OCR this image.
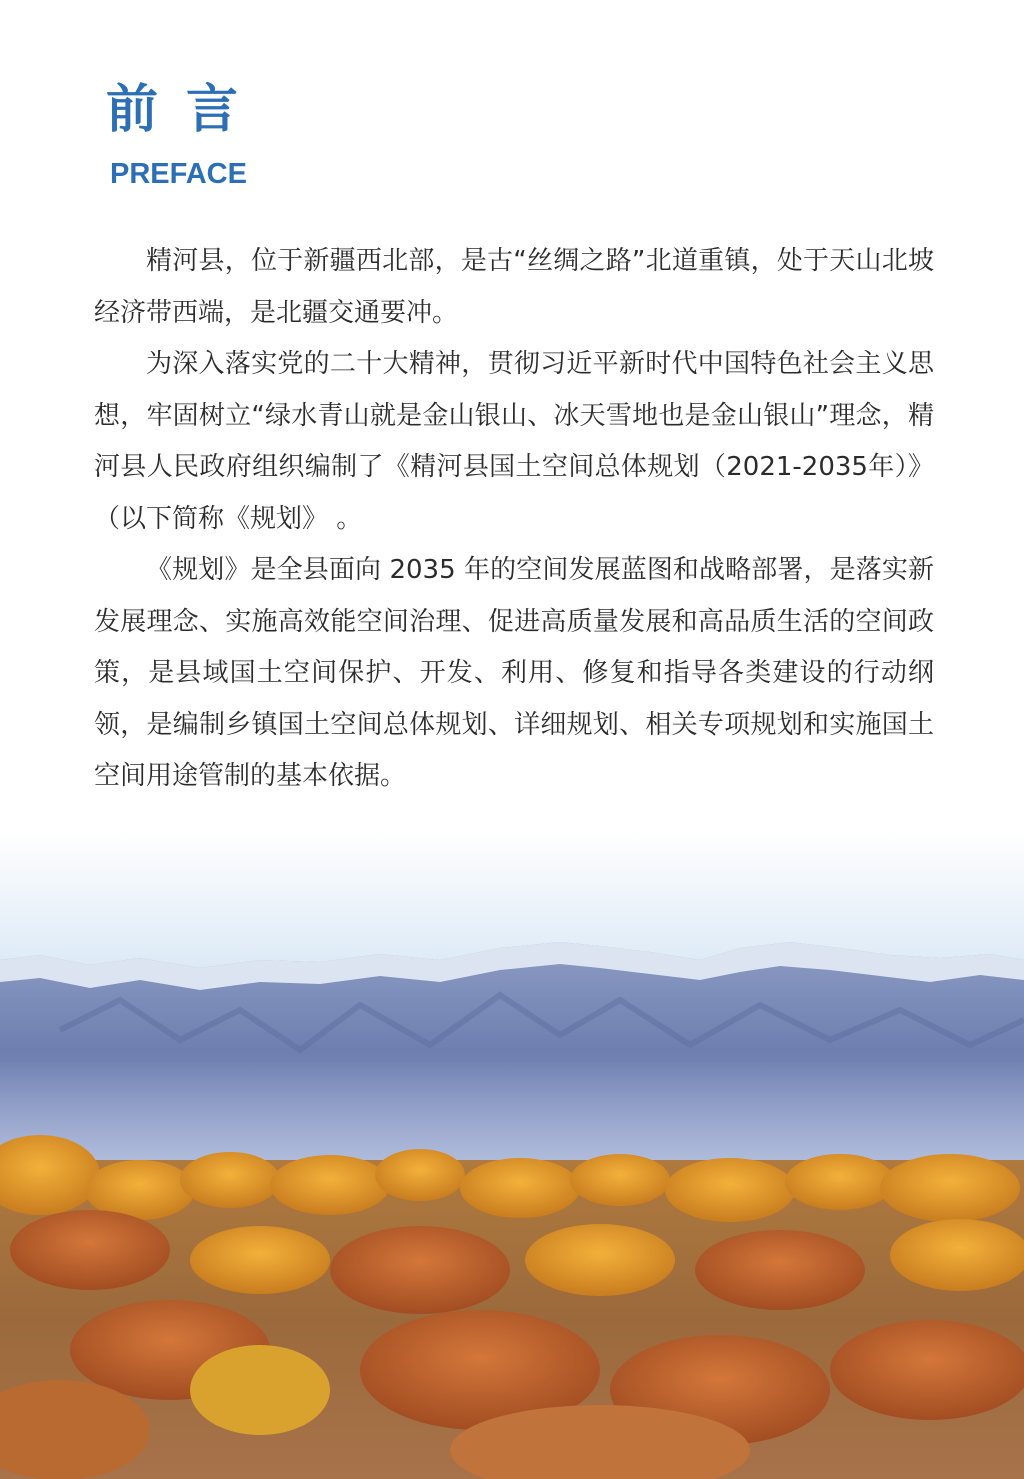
前言
PREFACE

精河县，位于新疆西北部，是古“丝绸之路”北道重镇，处于天山北坡经济带西端，是北疆交通要冲。

为深入落实党的二十大精神，贯彻习近平新时代中国特色社会主义思想，牢固树立“绿水青山就是金山银山、冰天雪地也是金山银山”理念，精河县人民政府组织编制了《精河县国土空间总体规划（2021-2035年）》（以下简称《规划》 。

《规划》是全县面向 2035 年的空间发展蓝图和战略部署，是落实新发展理念、实施高效能空间治理、促进高质量发展和高品质生活的空间政策，是县域国土空间保护、开发、利用、修复和指导各类建设的行动纲领，是编制乡镇国土空间总体规划、详细规划、相关专项规划和实施国土空间用途管制的基本依据。
